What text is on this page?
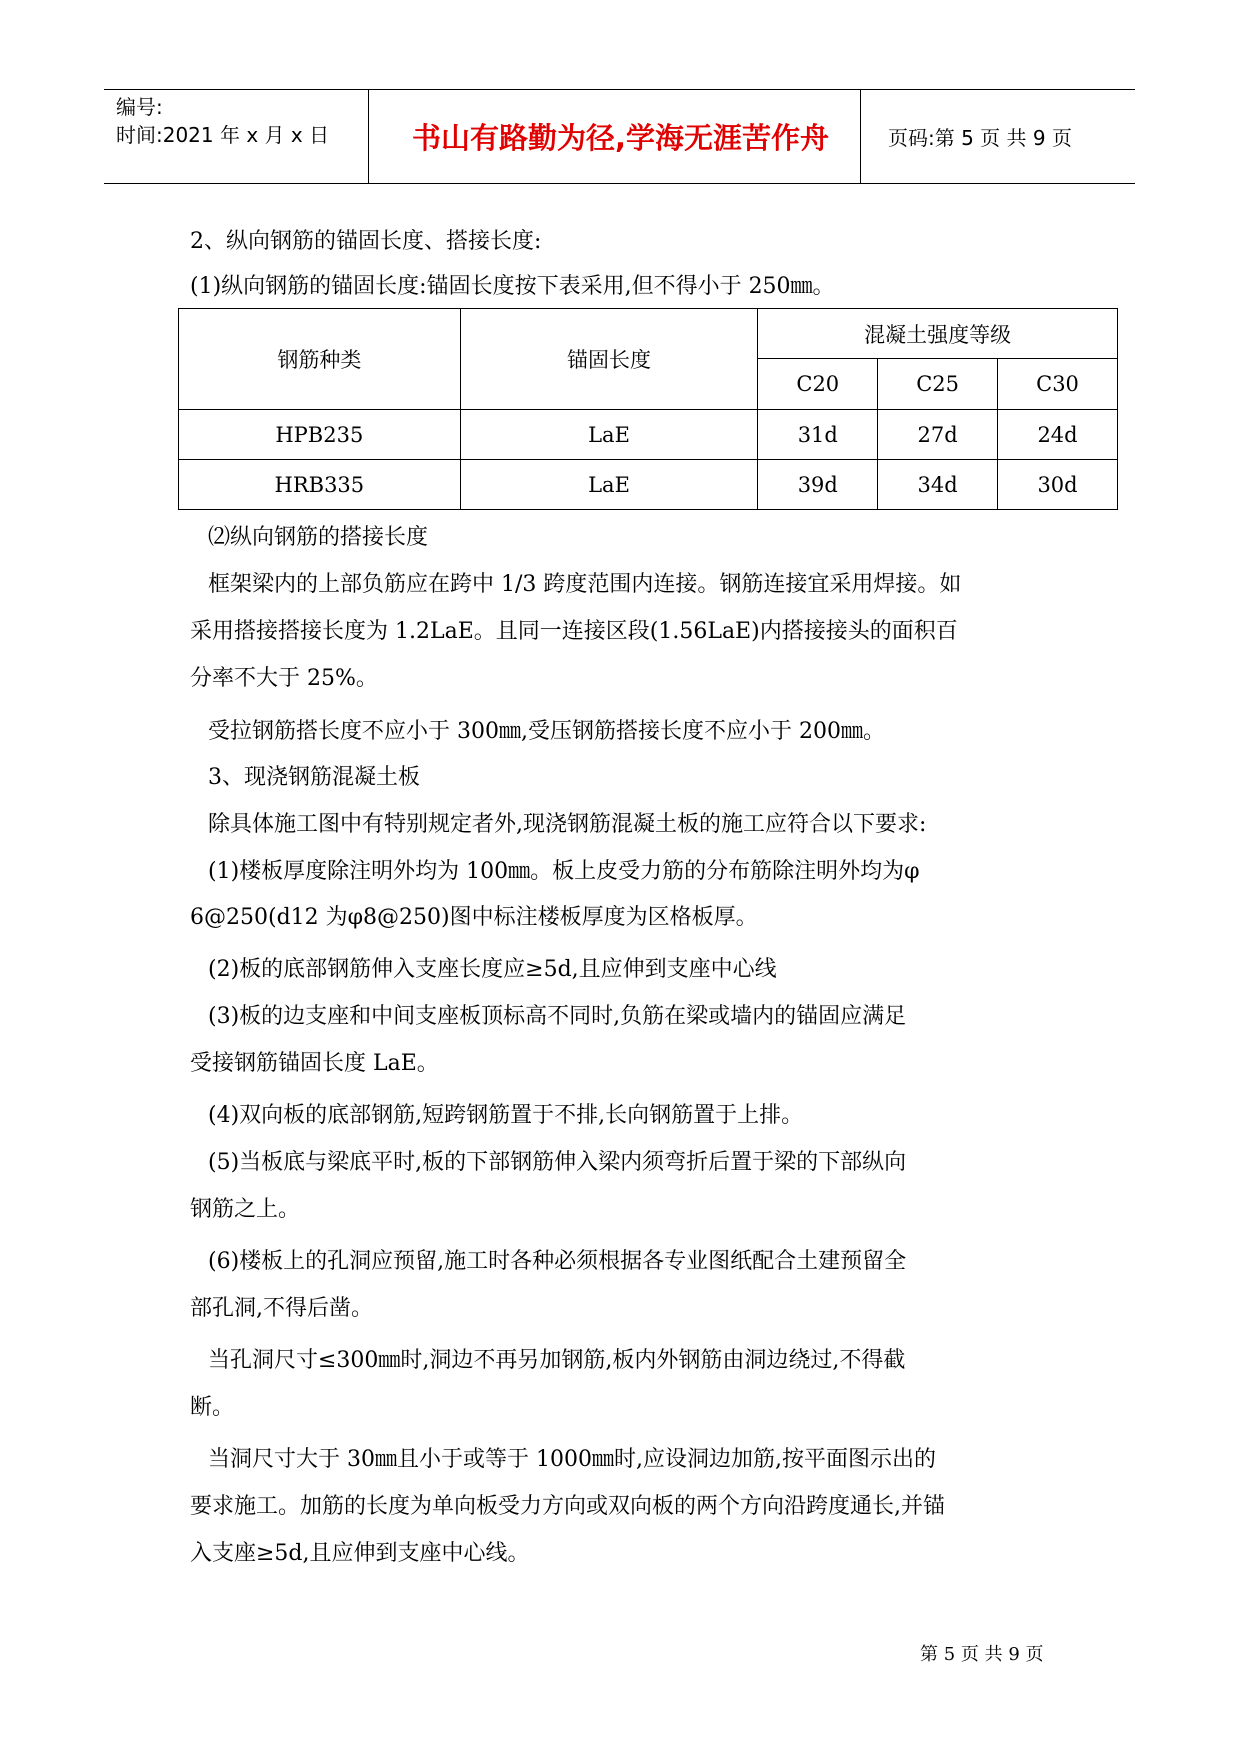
编号:
时间:2021 年 x 月 x 日	书山有路勤为径,学海无涯苦作舟	页码:第 5 页 共 9 页
2、纵向钢筋的锚固长度、搭接长度:
(1)纵向钢筋的锚固长度:锚固长度按下表采用,但不得小于 250㎜。
钢筋种类	锚固长度	混凝土强度等级		
		C20	C25	C30
HPB235	LaE	31d	27d	24d
HRB335	LaE	39d	34d	30d
⑵纵向钢筋的搭接长度
框架梁内的上部负筋应在跨中 1/3 跨度范围内连接。钢筋连接宜采用焊接。如
采用搭接搭接长度为 1.2LaE。且同一连接区段(1.56LaE)内搭接接头的面积百
分率不大于 25%。
受拉钢筋搭长度不应小于 300㎜,受压钢筋搭接长度不应小于 200㎜。
3、现浇钢筋混凝土板
除具体施工图中有特别规定者外,现浇钢筋混凝土板的施工应符合以下要求:
(1)楼板厚度除注明外均为 100㎜。板上皮受力筋的分布筋除注明外均为φ
6@250(d12 为φ8@250)图中标注楼板厚度为区格板厚。
(2)板的底部钢筋伸入支座长度应≥5d,且应伸到支座中心线
(3)板的边支座和中间支座板顶标高不同时,负筋在梁或墙内的锚固应满足
受接钢筋锚固长度 LaE。
(4)双向板的底部钢筋,短跨钢筋置于不排,长向钢筋置于上排。
(5)当板底与梁底平时,板的下部钢筋伸入梁内须弯折后置于梁的下部纵向
钢筋之上。
(6)楼板上的孔洞应预留,施工时各种必须根据各专业图纸配合土建预留全
部孔洞,不得后凿。
当孔洞尺寸≤300㎜时,洞边不再另加钢筋,板内外钢筋由洞边绕过,不得截
断。
当洞尺寸大于 30㎜且小于或等于 1000㎜时,应设洞边加筋,按平面图示出的
要求施工。加筋的长度为单向板受力方向或双向板的两个方向沿跨度通长,并锚
入支座≥5d,且应伸到支座中心线。
第 5 页 共 9 页
